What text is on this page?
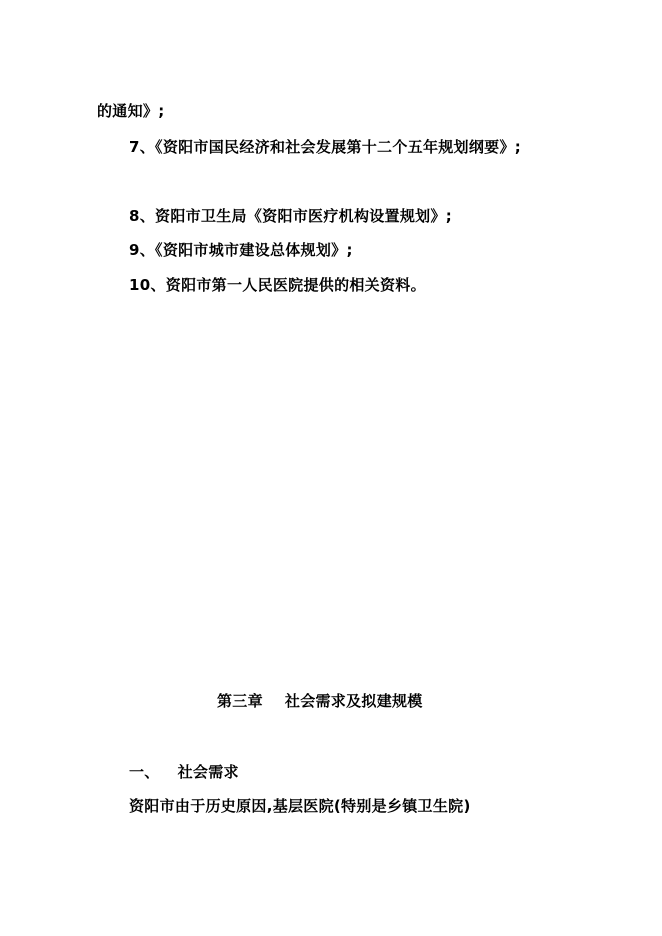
的通知》;
7、《资阳市国民经济和社会发展第十二个五年规划纲要》;
8、资阳市卫生局《资阳市医疗机构设置规划》;
9、《资阳市城市建设总体规划》;
10、资阳市第一人民医院提供的相关资料。
第三章 社会需求及拟建规模
一、 社会需求
资阳市由于历史原因,基层医院(特别是乡镇卫生院)
